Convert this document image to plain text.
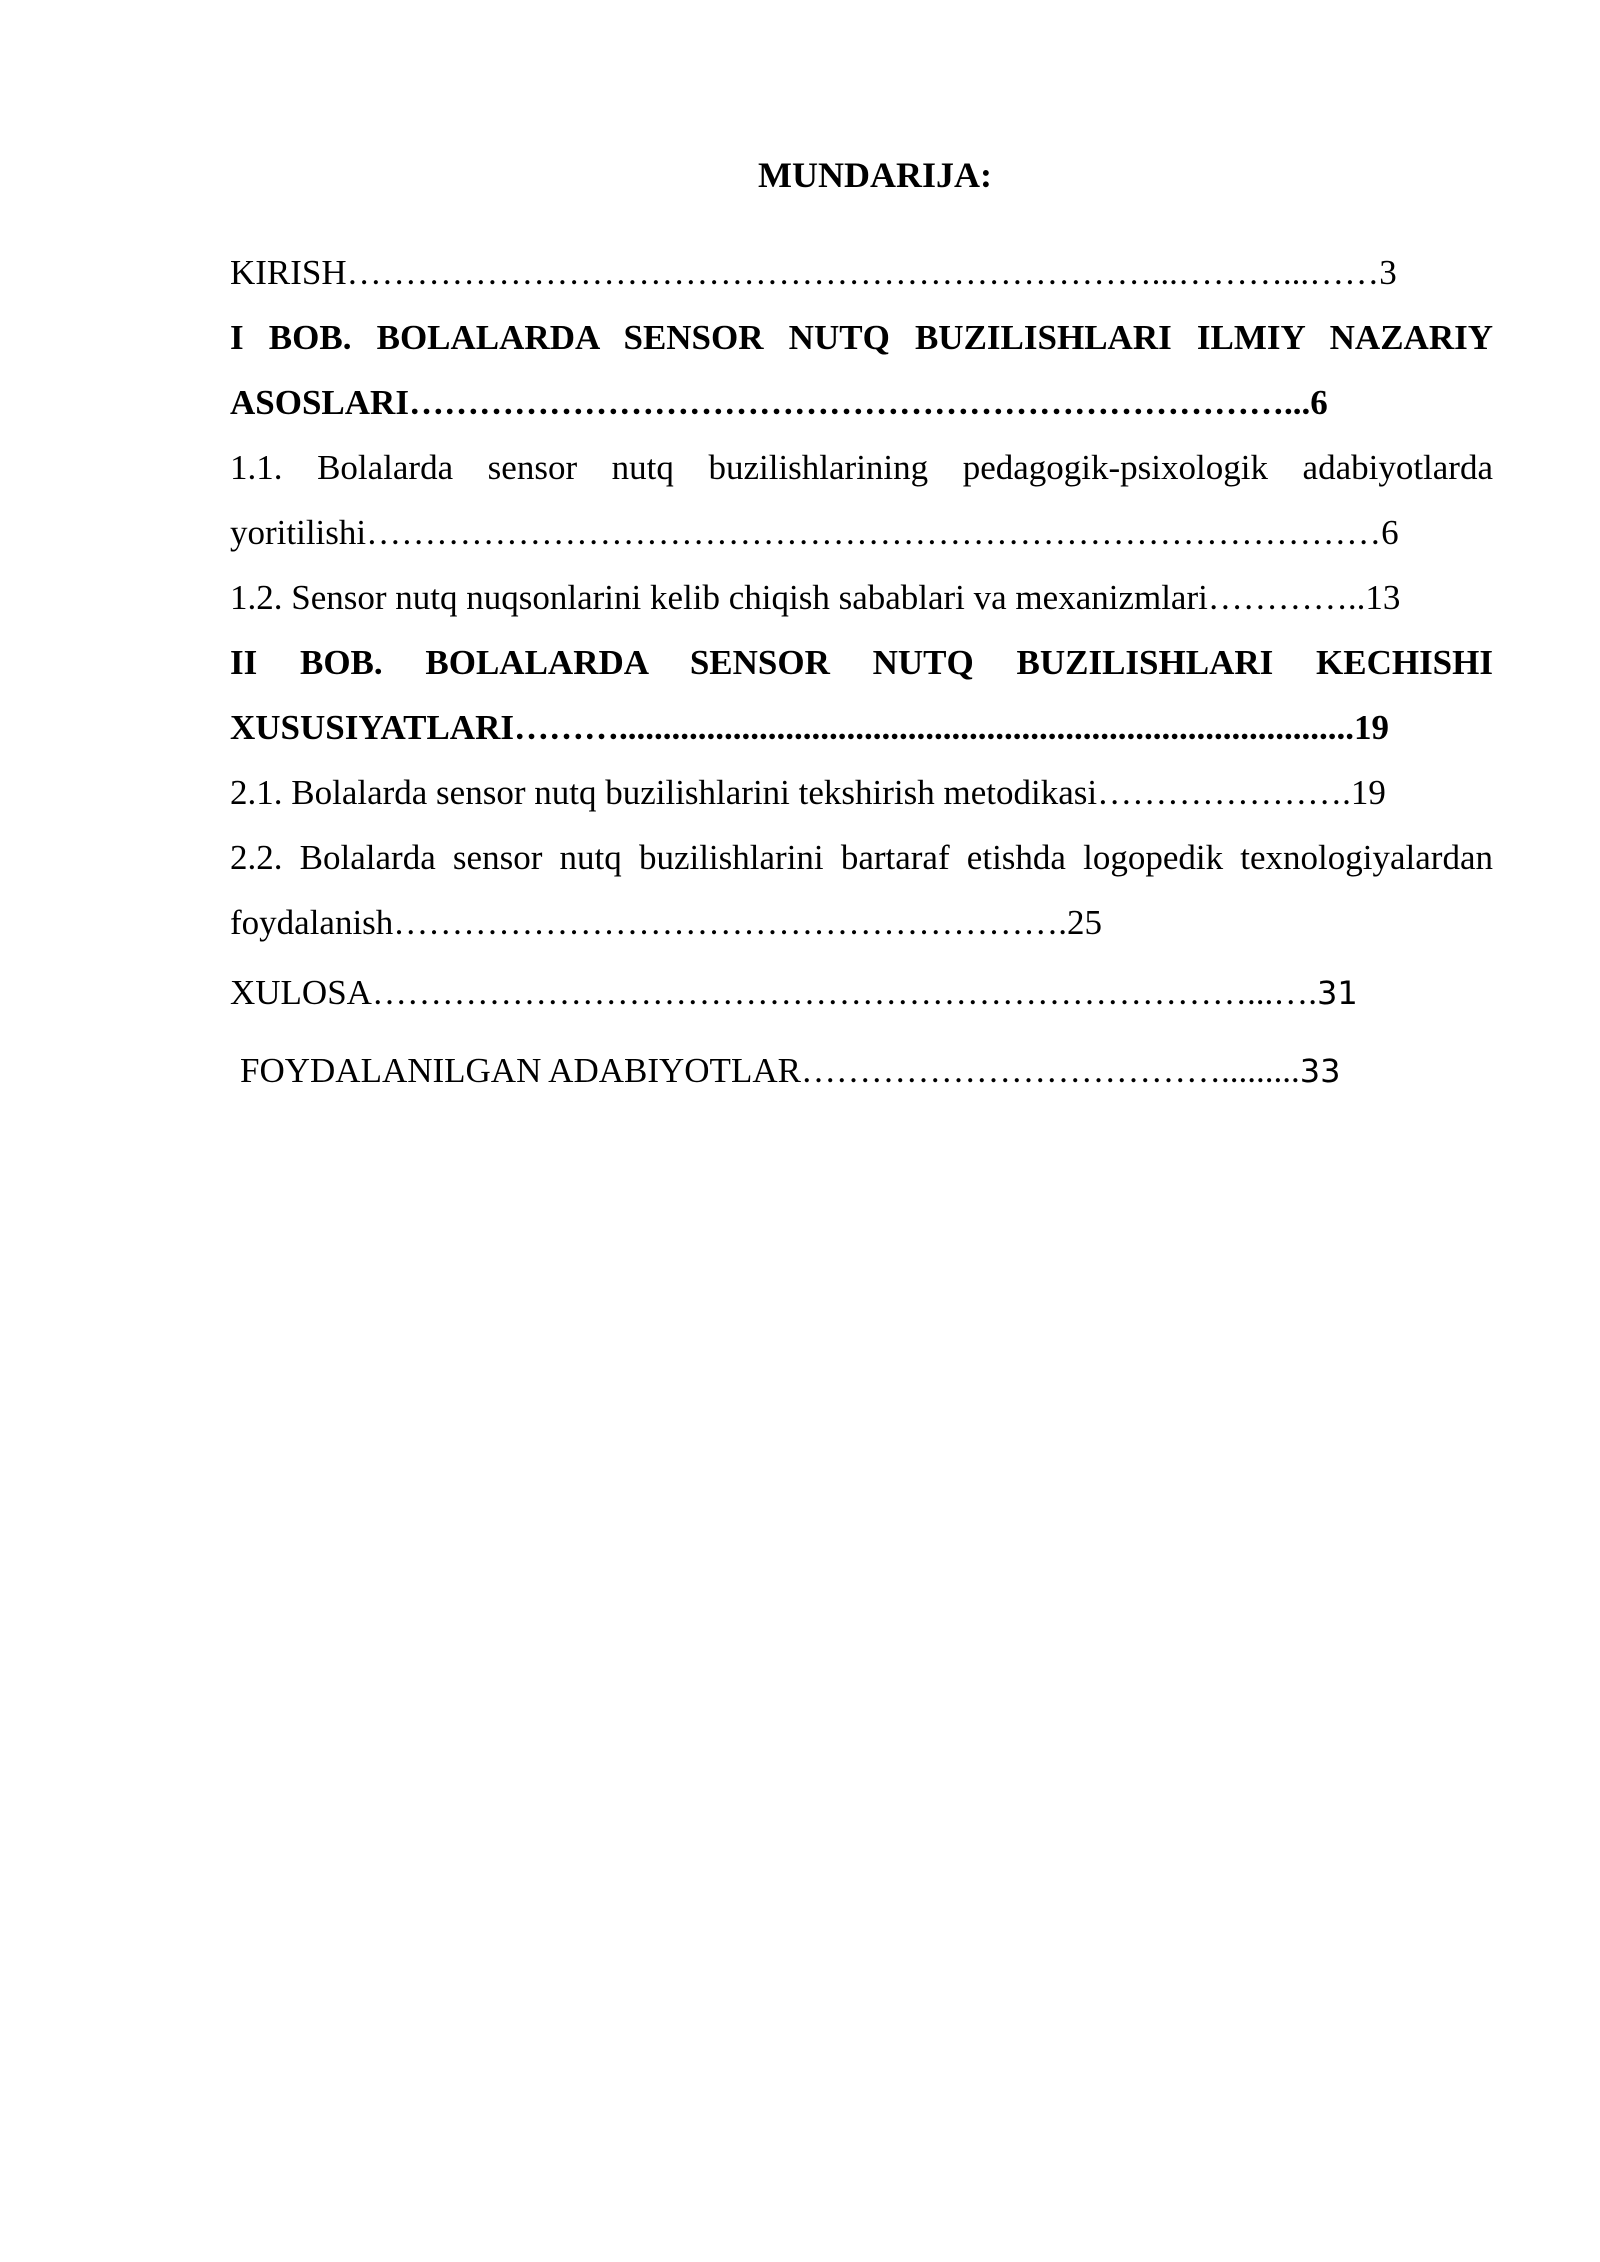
MUNDARIJA:

KIRISH……………………………………………………………...………...……3

I BOB. BOLALARDA SENSOR NUTQ BUZILISHLARI ILMIY NAZARIY ASOSLARI…………………………………………………………………...6

1.1. Bolalarda sensor nutq buzilishlarining pedagogik-psixologik adabiyotlarda yoritilishi……………………………………………………………………………6

1.2. Sensor nutq nuqsonlarini kelib chiqish sabablari va mexanizmlari…………..13

II BOB. BOLALARDA SENSOR NUTQ BUZILISHLARI KECHISHI XUSUSIYATLARI………....................................................................................19

2.1. Bolalarda sensor nutq buzilishlarini tekshirish metodikasi………………….19

2.2. Bolalarda sensor nutq buzilishlarini bartaraf etishda logopedik texnologiyalardan foydalanish………………………………………………….25

XULOSA…………………………………………………………………...….31

FOYDALANILGAN ADABIYOTLAR……………………………….........33
